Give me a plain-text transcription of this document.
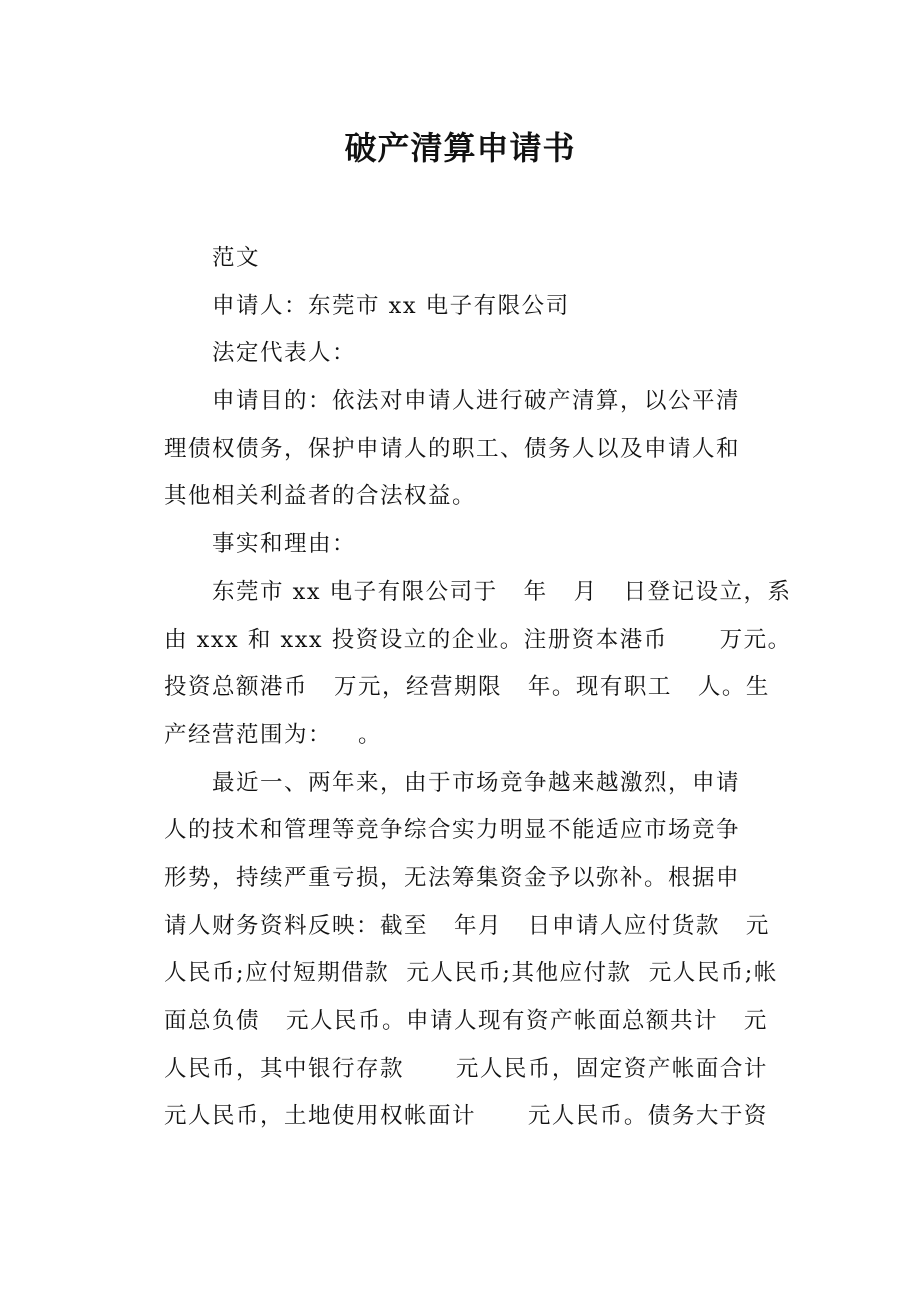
破产清算申请书
范文
申请人：东莞市 xx 电子有限公司
法定代表人：
申请目的：依法对申请人进行破产清算，以公平清
理债权债务，保护申请人的职工、债务人以及申请人和
其他相关利益者的合法权益。
事实和理由：
东莞市 xx 电子有限公司于   年   月   日登记设立，系
由 xxx 和 xxx 投资设立的企业。注册资本港币      万元。
投资总额港币   万元，经营期限   年。现有职工   人。生
产经营范围为：   。
最近一、两年来，由于市场竞争越来越激烈，申请
人的技术和管理等竞争综合实力明显不能适应市场竞争
形势，持续严重亏损，无法筹集资金予以弥补。根据申
请人财务资料反映：截至   年月   日申请人应付货款   元
人民币;应付短期借款  元人民币;其他应付款  元人民币;帐
面总负债   元人民币。申请人现有资产帐面总额共计   元
人民币，其中银行存款      元人民币，固定资产帐面合计
元人民币，土地使用权帐面计      元人民币。债务大于资
